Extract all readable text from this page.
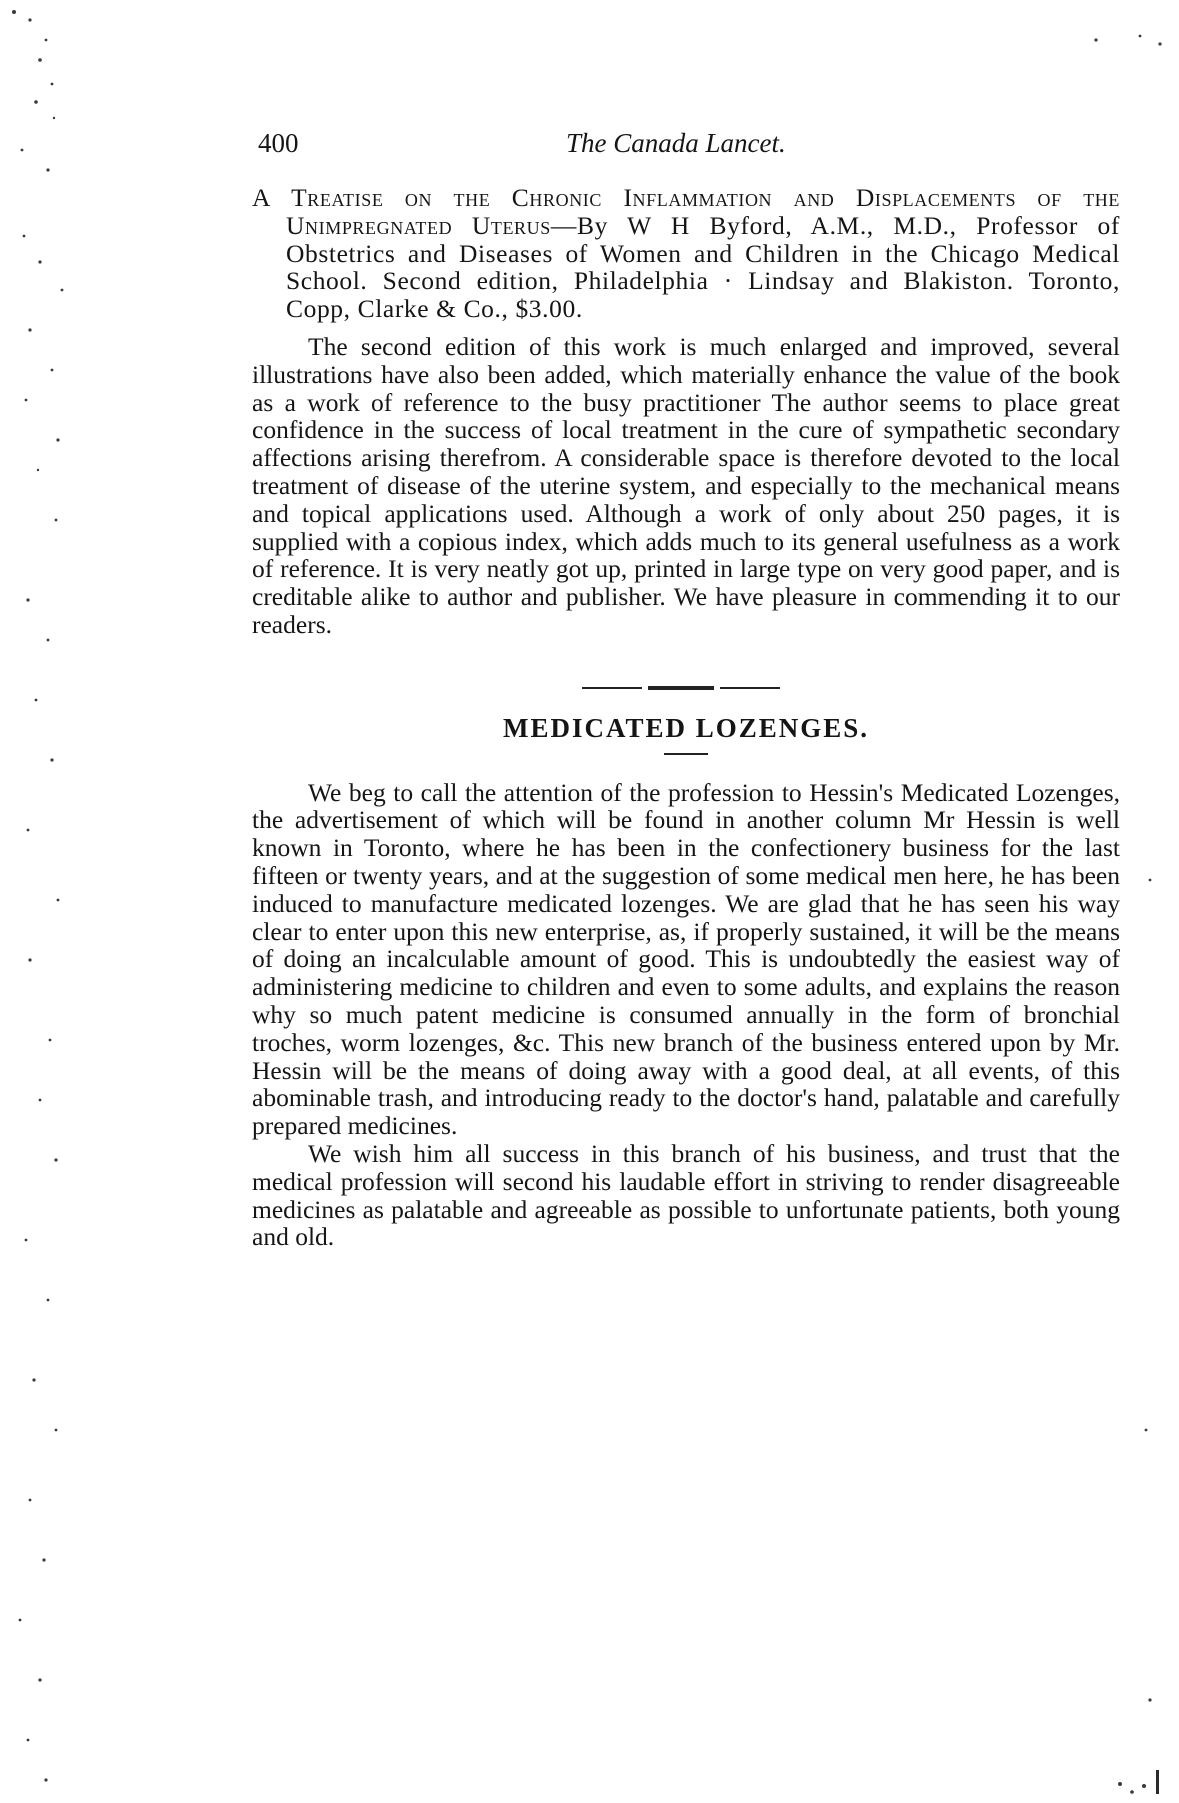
400	The Canada Lancet.

A Treatise on the Chronic Inflammation and Displacements of the Unimpregnated Uterus—By W H Byford, A.M., M.D., Professor of Obstetrics and Diseases of Women and Children in the Chicago Medical School. Second edition, Philadelphia · Lindsay and Blakiston. Toronto, Copp, Clarke & Co., $3.00.

The second edition of this work is much enlarged and improved, several illustrations have also been added, which materially enhance the value of the book as a work of reference to the busy practitioner The author seems to place great confidence in the success of local treatment in the cure of sympathetic secondary affections arising therefrom. A considerable space is therefore devoted to the local treatment of disease of the uterine system, and especially to the mechanical means and topical applications used. Although a work of only about 250 pages, it is supplied with a copious index, which adds much to its general usefulness as a work of reference. It is very neatly got up, printed in large type on very good paper, and is creditable alike to author and publisher. We have pleasure in commending it to our readers.

MEDICATED LOZENGES.

We beg to call the attention of the profession to Hessin's Medicated Lozenges, the advertisement of which will be found in another column Mr Hessin is well known in Toronto, where he has been in the confectionery business for the last fifteen or twenty years, and at the suggestion of some medical men here, he has been induced to manufacture medicated lozenges. We are glad that he has seen his way clear to enter upon this new enterprise, as, if properly sustained, it will be the means of doing an incalculable amount of good. This is undoubtedly the easiest way of administering medicine to children and even to some adults, and explains the reason why so much patent medicine is consumed annually in the form of bronchial troches, worm lozenges, &c. This new branch of the business entered upon by Mr. Hessin will be the means of doing away with a good deal, at all events, of this abominable trash, and introducing ready to the doctor's hand, palatable and carefully prepared medicines.

We wish him all success in this branch of his business, and trust that the medical profession will second his laudable effort in striving to render disagreeable medicines as palatable and agreeable as possible to unfortunate patients, both young and old.
